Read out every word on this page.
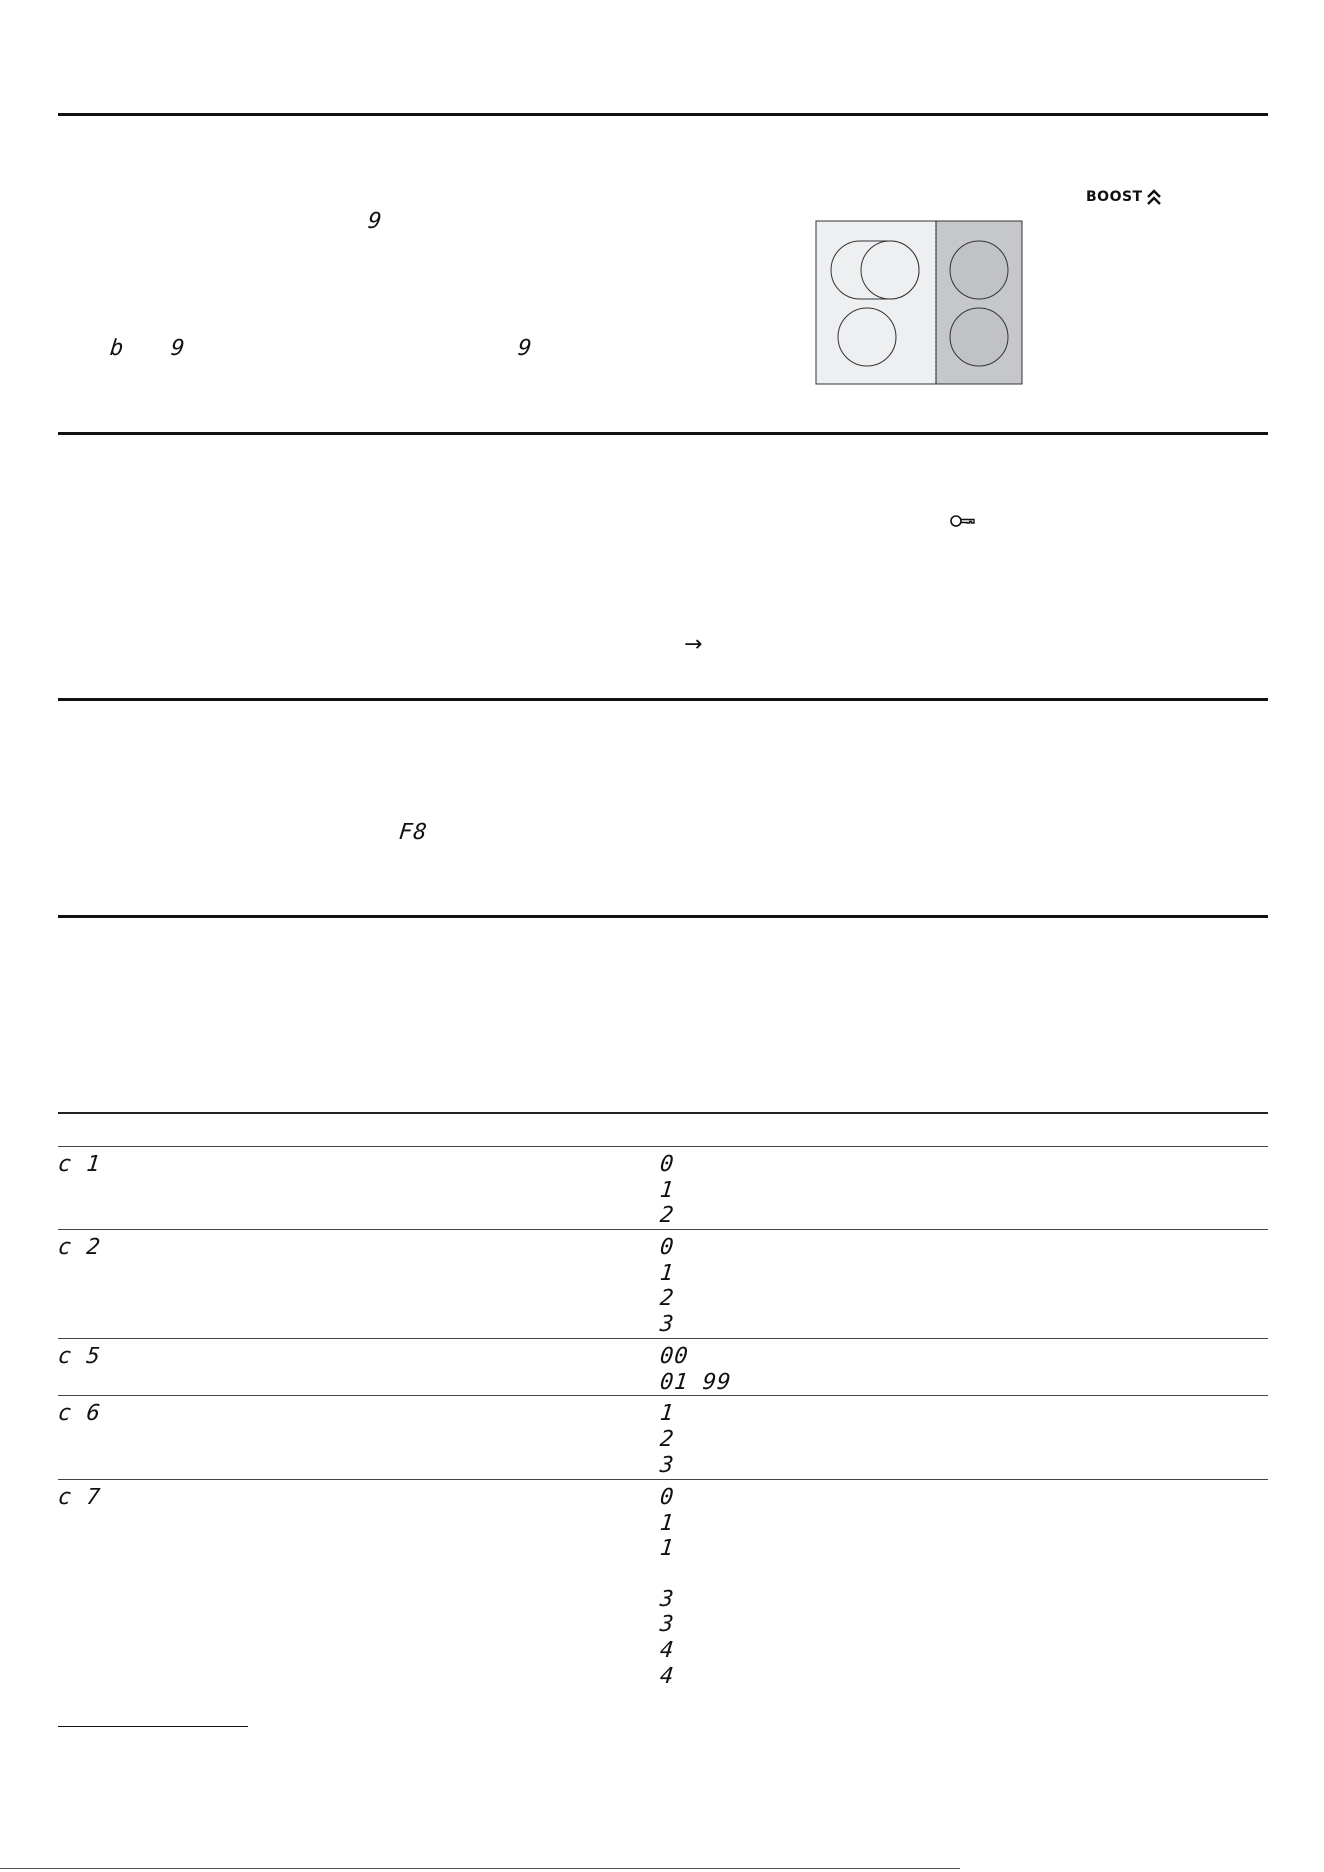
9
b 9	9
BOOST
→
F8
c 1	0
1
2
c 2	0
1
2
3
c 5	00
01 99
c 6	1
2
3
c 7	0
1
1
3
3
4
4
